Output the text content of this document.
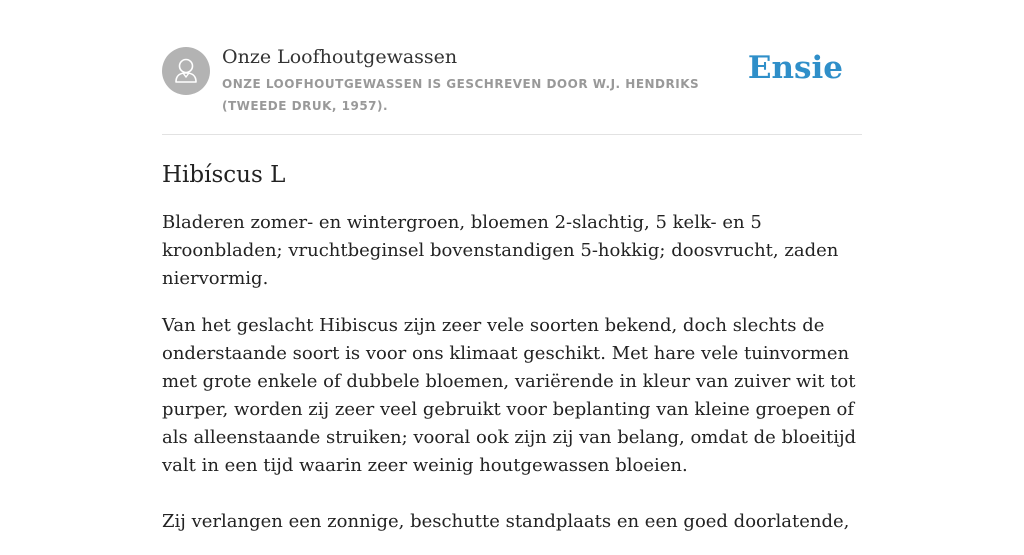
Onze Loofhoutgewassen
ONZE LOOFHOUTGEWASSEN IS GESCHREVEN DOOR W.J. HENDRIKS (TWEEDE DRUK, 1957).
Ensie
Hibíscus L

Bladeren zomer- en wintergroen, bloemen 2-slachtig, 5 kelk- en 5 kroonbladen; vruchtbeginsel bovenstandigen 5-hokkig; doosvrucht, zaden niervormig.

Van het geslacht Hibiscus zijn zeer vele soorten bekend, doch slechts de onderstaande soort is voor ons klimaat geschikt. Met hare vele tuinvormen met grote enkele of dubbele bloemen, variërende in kleur van zuiver wit tot purper, worden zij zeer veel gebruikt voor beplanting van kleine groepen of als alleenstaande struiken; vooral ook zijn zij van belang, omdat de bloeitijd valt in een tijd waarin zeer weinig houtgewassen bloeien.

Zij verlangen een zonnige, beschutte standplaats en een goed doorlatende,
